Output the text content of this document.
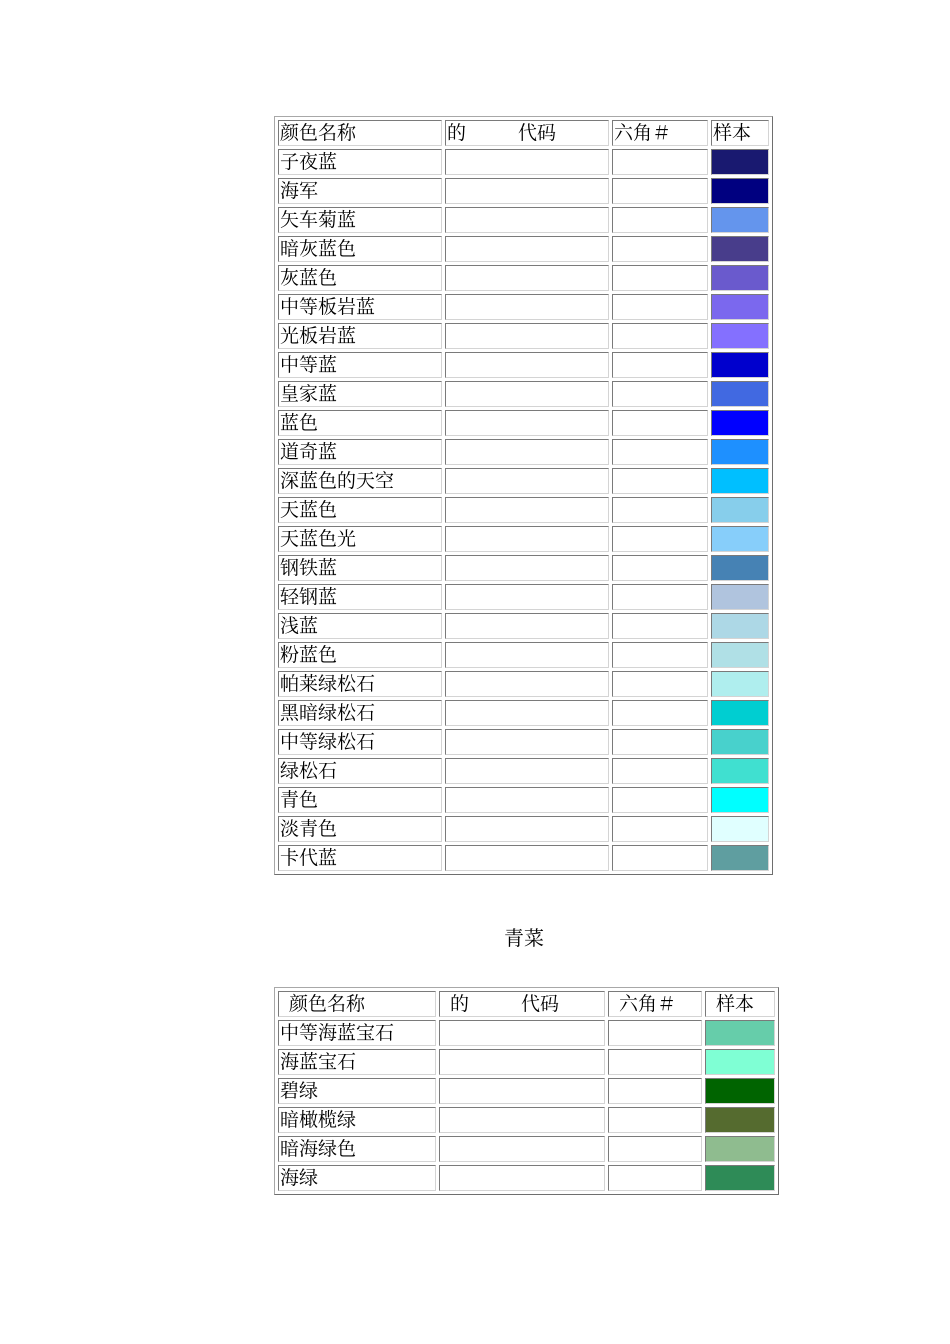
颜色名称	的 代码	六角＃	样本
子夜蓝			

海军			

矢车菊蓝			

暗灰蓝色			

灰蓝色			

中等板岩蓝			

光板岩蓝			

中等蓝			

皇家蓝			

蓝色			

道奇蓝			

深蓝色的天空			

天蓝色			

天蓝色光			

钢铁蓝			

轻钢蓝			

浅蓝			

粉蓝色			

帕莱绿松石			

黑暗绿松石			

中等绿松石			

绿松石			

青色			

淡青色			

卡代蓝			
青菜
颜色名称	的 代码	六角＃	样本
中等海蓝宝石			

海蓝宝石			

碧绿			

暗橄榄绿			

暗海绿色			

海绿			
